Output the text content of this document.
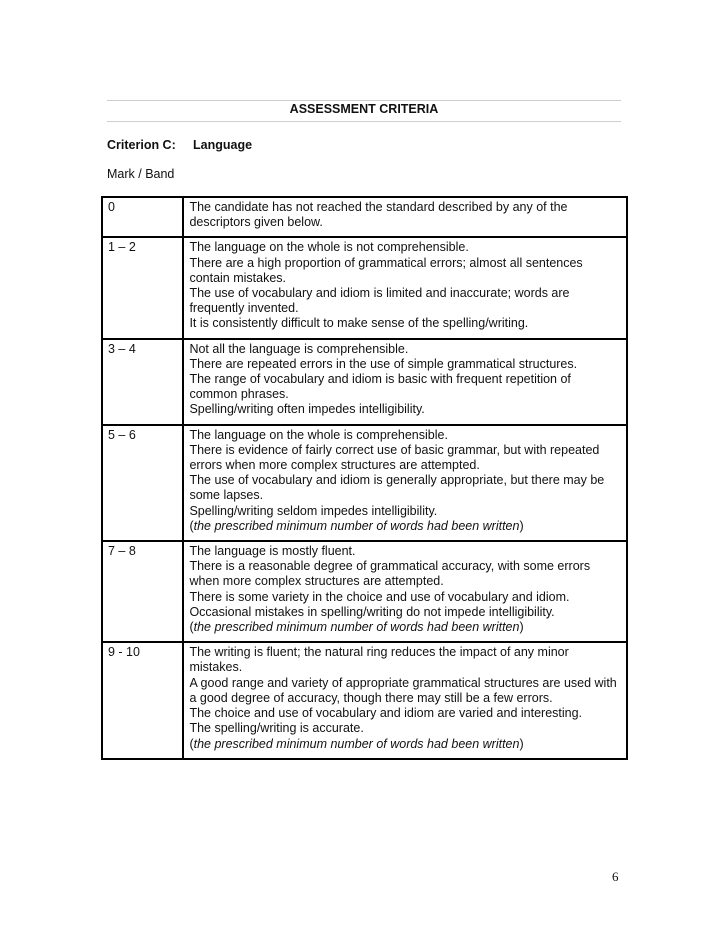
ASSESSMENT CRITERIA
Criterion C: Language
Mark / Band
0	The candidate has not reached the standard described by any of the descriptors given below.

1 – 2	The language on the whole is not comprehensible.
There are a high proportion of grammatical errors; almost all sentences contain mistakes.
The use of vocabulary and idiom is limited and inaccurate; words are frequently invented.
It is consistently difficult to make sense of the spelling/writing.

3 – 4	Not all the language is comprehensible.
There are repeated errors in the use of simple grammatical structures.
The range of vocabulary and idiom is basic with frequent repetition of common phrases.
Spelling/writing often impedes intelligibility.

5 – 6	The language on the whole is comprehensible.
There is evidence of fairly correct use of basic grammar, but with repeated errors when more complex structures are attempted.
The use of vocabulary and idiom is generally appropriate, but there may be some lapses.
Spelling/writing seldom impedes intelligibility.
(the prescribed minimum number of words had been written)

7 – 8	The language is mostly fluent.
There is a reasonable degree of grammatical accuracy, with some errors when more complex structures are attempted.
There is some variety in the choice and use of vocabulary and idiom.
Occasional mistakes in spelling/writing do not impede intelligibility.
(the prescribed minimum number of words had been written)

9 - 10	The writing is fluent; the natural ring reduces the impact of any minor mistakes.
A good range and variety of appropriate grammatical structures are used with a good degree of accuracy, though there may still be a few errors.
The choice and use of vocabulary and idiom are varied and interesting.
The spelling/writing is accurate.
(the prescribed minimum number of words had been written)
6
